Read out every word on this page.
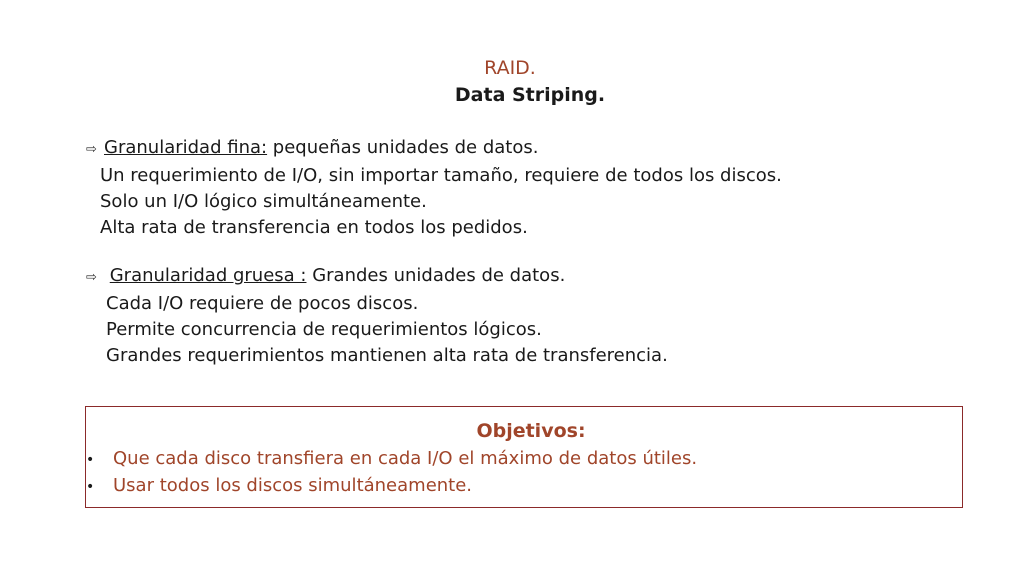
RAID.
Data Striping.
⇨ Granularidad fina: pequeñas unidades de datos.
Un requerimiento de I/O, sin importar tamaño, requiere de todos los discos.
Solo un I/O lógico simultáneamente.
Alta rata de transferencia en todos los pedidos.
⇨ Granularidad gruesa : Grandes unidades de datos.
Cada I/O requiere de pocos discos.
Permite concurrencia de requerimientos lógicos.
Grandes requerimientos mantienen alta rata de transferencia.
Objetivos:
• Que cada disco transfiera en cada I/O el máximo de datos útiles.
• Usar todos los discos simultáneamente.
